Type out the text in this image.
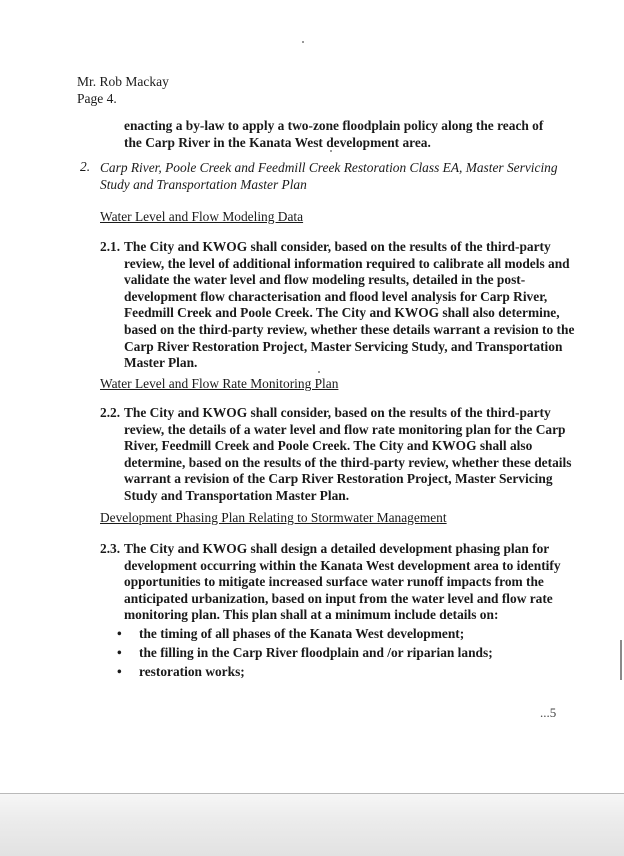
Mr. Rob Mackay
Page 4.
enacting a by-law to apply a two-zone floodplain policy along the reach of the Carp River in the Kanata West development area.
2. Carp River, Poole Creek and Feedmill Creek Restoration Class EA, Master Servicing Study and Transportation Master Plan
Water Level and Flow Modeling Data
2.1. The City and KWOG shall consider, based on the results of the third-party review, the level of additional information required to calibrate all models and validate the water level and flow modeling results, detailed in the post-development flow characterisation and flood level analysis for Carp River, Feedmill Creek and Poole Creek. The City and KWOG shall also determine, based on the third-party review, whether these details warrant a revision to the Carp River Restoration Project, Master Servicing Study, and Transportation Master Plan.
Water Level and Flow Rate Monitoring Plan
2.2. The City and KWOG shall consider, based on the results of the third-party review, the details of a water level and flow rate monitoring plan for the Carp River, Feedmill Creek and Poole Creek. The City and KWOG shall also determine, based on the results of the third-party review, whether these details warrant a revision of the Carp River Restoration Project, Master Servicing Study and Transportation Master Plan.
Development Phasing Plan Relating to Stormwater Management
2.3. The City and KWOG shall design a detailed development phasing plan for development occurring within the Kanata West development area to identify opportunities to mitigate increased surface water runoff impacts from the anticipated urbanization, based on input from the water level and flow rate monitoring plan. This plan shall at a minimum include details on:
• the timing of all phases of the Kanata West development;
• the filling in the Carp River floodplain and /or riparian lands;
• restoration works;
...5
